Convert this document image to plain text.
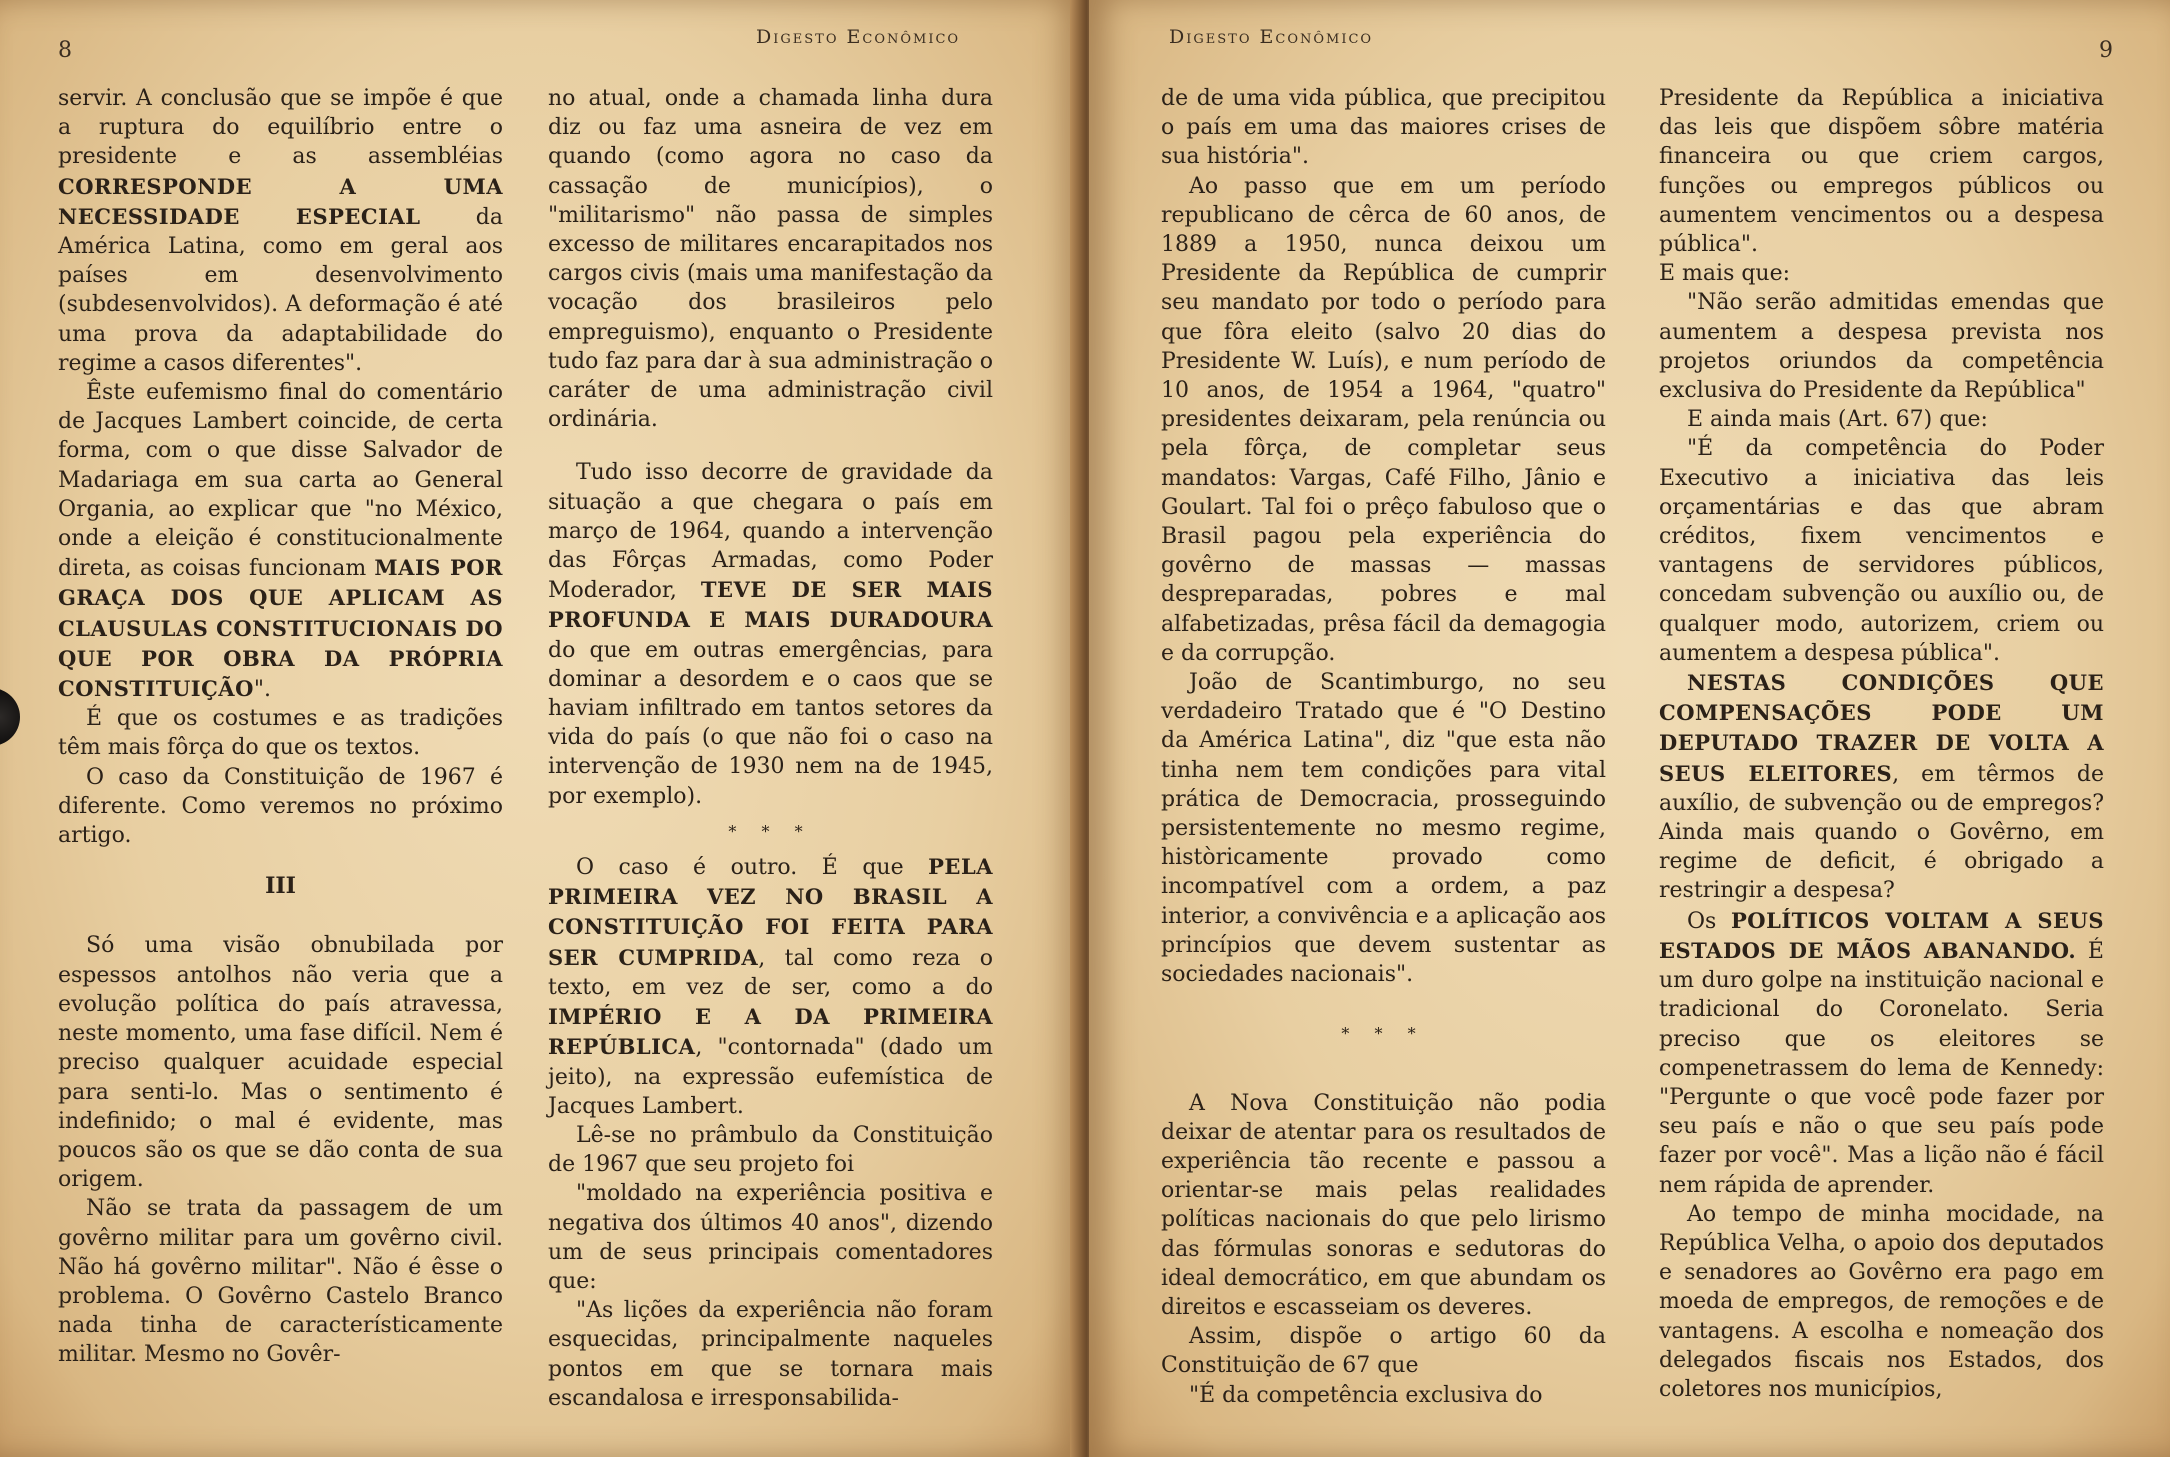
8
Digesto Econômico

servir. A conclusão que se impõe é que a ruptura do equilíbrio entre o presidente e as assembléias CORRESPONDE A UMA NECESSIDADE ESPECIAL da América Latina, como em geral aos países em desenvolvimento (subdesenvolvidos). A deformação é até uma prova da adaptabilidade do regime a casos diferentes".

Êste eufemismo final do comentário de Jacques Lambert coincide, de certa forma, com o que disse Salvador de Madariaga em sua carta ao General Organia, ao explicar que "no México, onde a eleição é constitucionalmente direta, as coisas funcionam MAIS POR GRAÇA DOS QUE APLICAM AS CLAUSULAS CONSTITUCIONAIS DO QUE POR OBRA DA PRÓPRIA CONSTITUIÇÃO".

É que os costumes e as tradições têm mais fôrça do que os textos.

O caso da Constituição de 1967 é diferente. Como veremos no próximo artigo.

III

Só uma visão obnubilada por espessos antolhos não veria que a evolução política do país atravessa, neste momento, uma fase difícil. Nem é preciso qualquer acuidade especial para senti-lo. Mas o sentimento é indefinido; o mal é evidente, mas poucos são os que se dão conta de sua origem.

Não se trata da passagem de um govêrno militar para um govêrno civil. Não há govêrno militar". Não é êsse o problema. O Govêrno Castelo Branco nada tinha de característicamente militar. Mesmo no Govêr-

no atual, onde a chamada linha dura diz ou faz uma asneira de vez em quando (como agora no caso da cassação de municípios), o "militarismo" não passa de simples excesso de militares encarapitados nos cargos civis (mais uma manifestação da vocação dos brasileiros pelo empreguismo), enquanto o Presidente tudo faz para dar à sua administração o caráter de uma administração civil ordinária.

Tudo isso decorre de gravidade da situação a que chegara o país em março de 1964, quando a intervenção das Fôrças Armadas, como Poder Moderador, TEVE DE SER MAIS PROFUNDA E MAIS DURADOURA do que em outras emergências, para dominar a desordem e o caos que se haviam infiltrado em tantos setores da vida do país (o que não foi o caso na intervenção de 1930 nem na de 1945, por exemplo).

* * *

O caso é outro. É que PELA PRIMEIRA VEZ NO BRASIL A CONSTITUIÇÃO FOI FEITA PARA SER CUMPRIDA, tal como reza o texto, em vez de ser, como a do IMPÉRIO E A DA PRIMEIRA REPÚBLICA, "contornada" (dado um jeito), na expressão eufemística de Jacques Lambert.

Lê-se no prâmbulo da Constituição de 1967 que seu projeto foi

"moldado na experiência positiva e negativa dos últimos 40 anos", dizendo um de seus principais comentadores que:

"As lições da experiência não foram esquecidas, principalmente naqueles pontos em que se tornara mais escandalosa e irresponsabilida-

Digesto Econômico
9

de de uma vida pública, que precipitou o país em uma das maiores crises de sua história".

Ao passo que em um período republicano de cêrca de 60 anos, de 1889 a 1950, nunca deixou um Presidente da República de cumprir seu mandato por todo o período para que fôra eleito (salvo 20 dias do Presidente W. Luís), e num período de 10 anos, de 1954 a 1964, "quatro" presidentes deixaram, pela renúncia ou pela fôrça, de completar seus mandatos: Vargas, Café Filho, Jânio e Goulart. Tal foi o prêço fabuloso que o Brasil pagou pela experiência do govêrno de massas — massas despreparadas, pobres e mal alfabetizadas, prêsa fácil da demagogia e da corrupção.

João de Scantimburgo, no seu verdadeiro Tratado que é "O Destino da América Latina", diz "que esta não tinha nem tem condições para vital prática de Democracia, prosseguindo persistentemente no mesmo regime, històricamente provado como incompatível com a ordem, a paz interior, a convivência e a aplicação aos princípios que devem sustentar as sociedades nacionais".

* * *

A Nova Constituição não podia deixar de atentar para os resultados de experiência tão recente e passou a orientar-se mais pelas realidades políticas nacionais do que pelo lirismo das fórmulas sonoras e sedutoras do ideal democrático, em que abundam os direitos e escasseiam os deveres.

Assim, dispõe o artigo 60 da Constituição de 67 que

"É da competência exclusiva do

Presidente da República a iniciativa das leis que dispõem sôbre matéria financeira ou que criem cargos, funções ou empregos públicos ou aumentem vencimentos ou a despesa pública".

E mais que:

"Não serão admitidas emendas que aumentem a despesa prevista nos projetos oriundos da competência exclusiva do Presidente da República"

E ainda mais (Art. 67) que:

"É da competência do Poder Executivo a iniciativa das leis orçamentárias e das que abram créditos, fixem vencimentos e vantagens de servidores públicos, concedam subvenção ou auxílio ou, de qualquer modo, autorizem, criem ou aumentem a despesa pública".

NESTAS CONDIÇÕES QUE COMPENSAÇÕES PODE UM DEPUTADO TRAZER DE VOLTA A SEUS ELEITORES, em têrmos de auxílio, de subvenção ou de empregos? Ainda mais quando o Govêrno, em regime de deficit, é obrigado a restringir a despesa?

Os POLÍTICOS VOLTAM A SEUS ESTADOS DE MÃOS ABANANDO. É um duro golpe na instituição nacional e tradicional do Coronelato. Seria preciso que os eleitores se compenetrassem do lema de Kennedy: "Pergunte o que você pode fazer por seu país e não o que seu país pode fazer por você". Mas a lição não é fácil nem rápida de aprender.

Ao tempo de minha mocidade, na República Velha, o apoio dos deputados e senadores ao Govêrno era pago em moeda de empregos, de remoções e de vantagens. A escolha e nomeação dos delegados fiscais nos Estados, dos coletores nos municípios,
